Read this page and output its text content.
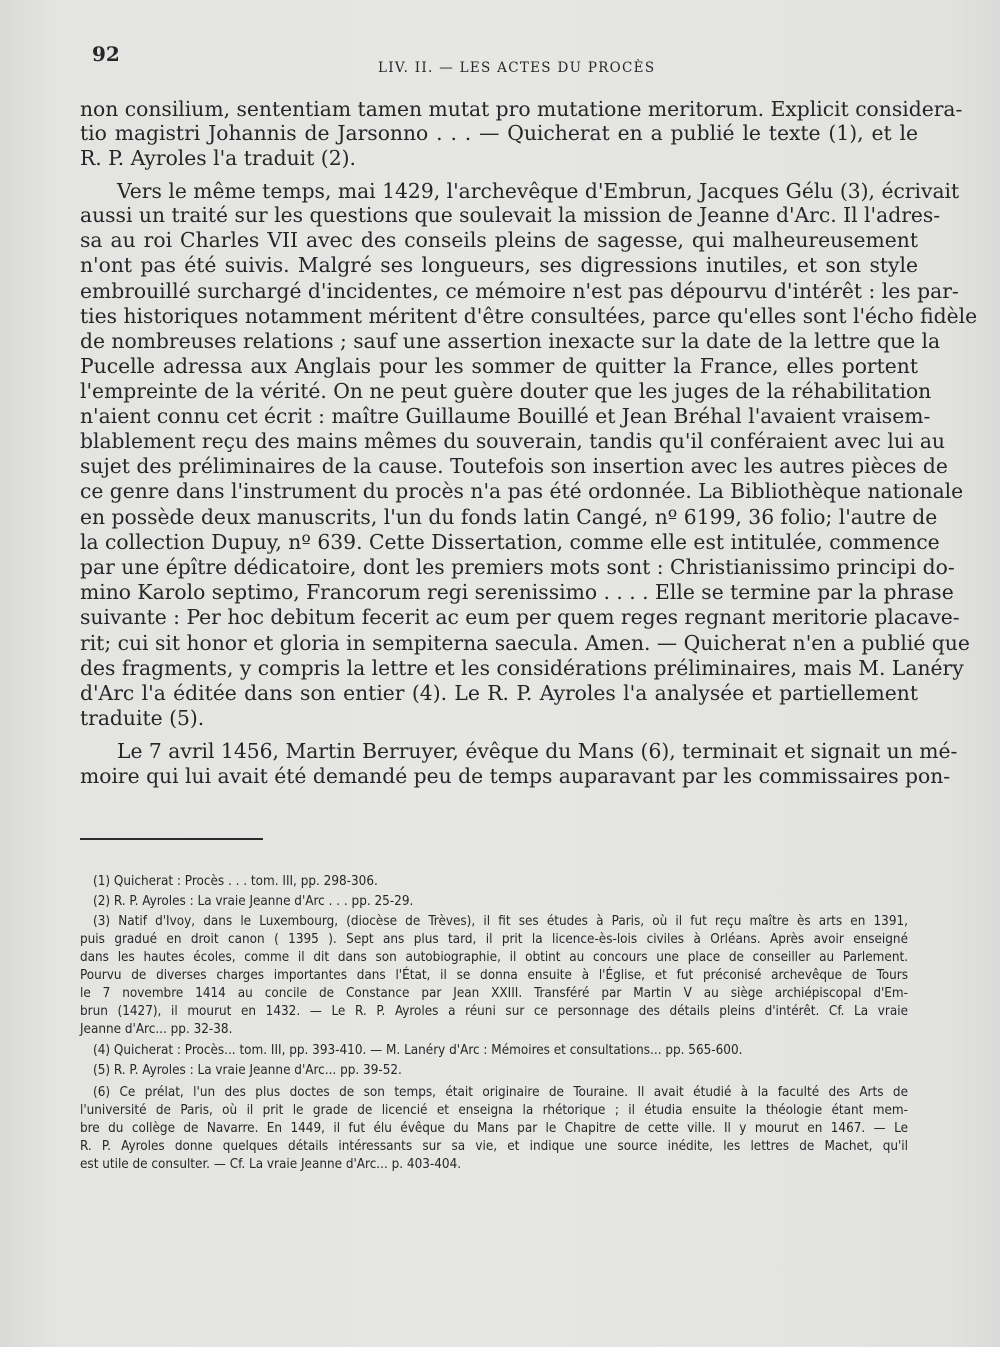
92
LIV. II. — LES ACTES DU PROCÈS
non consilium, sententiam tamen mutat pro mutatione meritorum. Explicit considera-
tio magistri Johannis de Jarsonno . . . — Quicherat en a publié le texte (1), et le
R. P. Ayroles l'a traduit (2).
Vers le même temps, mai 1429, l'archevêque d'Embrun, Jacques Gélu (3), écrivait
aussi un traité sur les questions que soulevait la mission de Jeanne d'Arc. Il l'adres-
sa au roi Charles VII avec des conseils pleins de sagesse, qui malheureusement
n'ont pas été suivis. Malgré ses longueurs, ses digressions inutiles, et son style
embrouillé surchargé d'incidentes, ce mémoire n'est pas dépourvu d'intérêt : les par-
ties historiques notamment méritent d'être consultées, parce qu'elles sont l'écho fidèle
de nombreuses relations ; sauf une assertion inexacte sur la date de la lettre que la
Pucelle adressa aux Anglais pour les sommer de quitter la France, elles portent
l'empreinte de la vérité. On ne peut guère douter que les juges de la réhabilitation
n'aient connu cet écrit : maître Guillaume Bouillé et Jean Bréhal l'avaient vraisem-
blablement reçu des mains mêmes du souverain, tandis qu'il conféraient avec lui au
sujet des préliminaires de la cause. Toutefois son insertion avec les autres pièces de
ce genre dans l'instrument du procès n'a pas été ordonnée. La Bibliothèque nationale
en possède deux manuscrits, l'un du fonds latin Cangé, nº 6199, 36 folio; l'autre de
la collection Dupuy, nº 639. Cette Dissertation, comme elle est intitulée, commence
par une épître dédicatoire, dont les premiers mots sont : Christianissimo principi do-
mino Karolo septimo, Francorum regi serenissimo . . . . Elle se termine par la phrase
suivante : Per hoc debitum fecerit ac eum per quem reges regnant meritorie placave-
rit; cui sit honor et gloria in sempiterna saecula. Amen. — Quicherat n'en a publié que
des fragments, y compris la lettre et les considérations préliminaires, mais M. Lanéry
d'Arc l'a éditée dans son entier (4). Le R. P. Ayroles l'a analysée et partiellement
traduite (5).
Le 7 avril 1456, Martin Berruyer, évêque du Mans (6), terminait et signait un mé-
moire qui lui avait été demandé peu de temps auparavant par les commissaires pon-
(1) Quicherat : Procès . . . tom. III, pp. 298-306.
(2) R. P. Ayroles : La vraie Jeanne d'Arc . . . pp. 25-29.
(3) Natif d'Ivoy, dans le Luxembourg, (diocèse de Trèves), il fit ses études à Paris, où il fut reçu maître ès arts en 1391,
puis gradué en droit canon ( 1395 ). Sept ans plus tard, il prit la licence-ès-lois civiles à Orléans. Après avoir enseigné
dans les hautes écoles, comme il dit dans son autobiographie, il obtint au concours une place de conseiller au Parlement.
Pourvu de diverses charges importantes dans l'État, il se donna ensuite à l'Église, et fut préconisé archevêque de Tours
le 7 novembre 1414 au concile de Constance par Jean XXIII. Transféré par Martin V au siège archiépiscopal d'Em-
brun (1427), il mourut en 1432. — Le R. P. Ayroles a réuni sur ce personnage des détails pleins d'intérêt. Cf. La vraie
Jeanne d'Arc... pp. 32-38.
(4) Quicherat : Procès... tom. III, pp. 393-410. — M. Lanéry d'Arc : Mémoires et consultations... pp. 565-600.
(5) R. P. Ayroles : La vraie Jeanne d'Arc... pp. 39-52.
(6) Ce prélat, l'un des plus doctes de son temps, était originaire de Touraine. Il avait étudié à la faculté des Arts de
l'université de Paris, où il prit le grade de licencié et enseigna la rhétorique ; il étudia ensuite la théologie étant mem-
bre du collège de Navarre. En 1449, il fut élu évêque du Mans par le Chapitre de cette ville. Il y mourut en 1467. — Le
R. P. Ayroles donne quelques détails intéressants sur sa vie, et indique une source inédite, les lettres de Machet, qu'il
est utile de consulter. — Cf. La vraie Jeanne d'Arc... p. 403-404.
